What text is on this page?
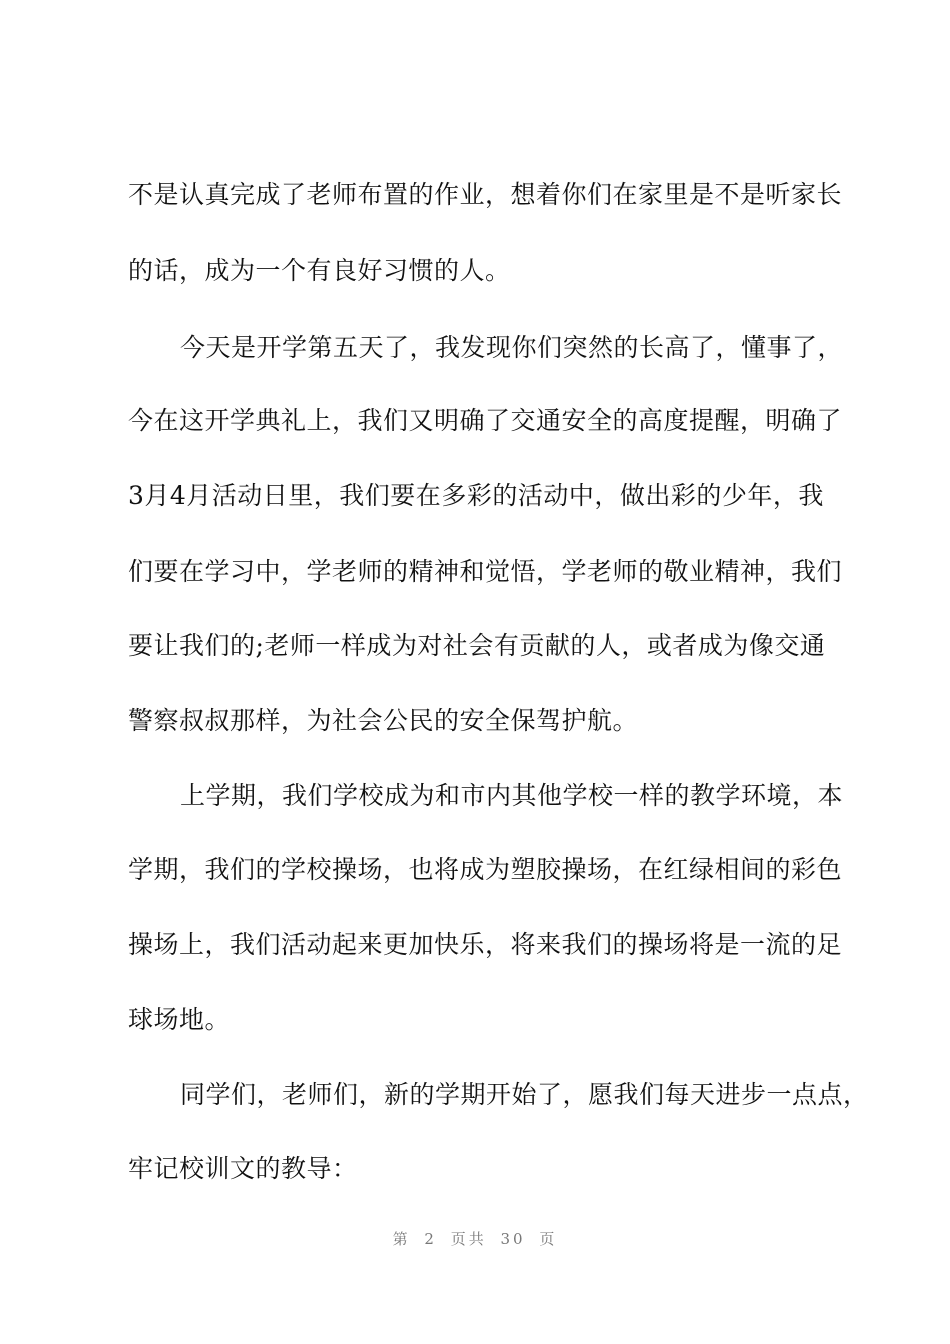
不是认真完成了老师布置的作业，想着你们在家里是不是听家长
的话，成为一个有良好习惯的人。
今天是开学第五天了，我发现你们突然的长高了，懂事了，
今在这开学典礼上，我们又明确了交通安全的高度提醒，明确了
3月4月活动日里，我们要在多彩的活动中，做出彩的少年，我
们要在学习中，学老师的精神和觉悟，学老师的敬业精神，我们
要让我们的;老师一样成为对社会有贡献的人，或者成为像交通
警察叔叔那样，为社会公民的安全保驾护航。
上学期，我们学校成为和市内其他学校一样的教学环境，本
学期，我们的学校操场，也将成为塑胶操场，在红绿相间的彩色
操场上，我们活动起来更加快乐，将来我们的操场将是一流的足
球场地。
同学们，老师们，新的学期开始了，愿我们每天进步一点点，
牢记校训文的教导：
第 2 页共 30 页
